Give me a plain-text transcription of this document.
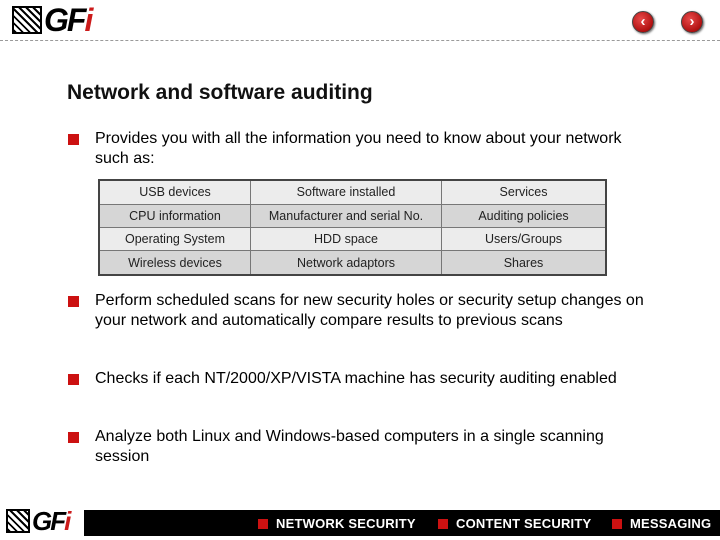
GFi	‹	›
Network and software auditing
Provides you with all the information you need to know about your network such as:
USB devices	Software installed	Services
CPU information	Manufacturer and serial No.	Auditing policies
Operating System	HDD space	Users/Groups
Wireless devices	Network adaptors	Shares
Perform scheduled scans for new security holes or security setup changes on your network and automatically compare results to previous scans
Checks if each NT/2000/XP/VISTA machine has security auditing enabled
Analyze both Linux and Windows-based computers in a single scanning session
GFi	NETWORK SECURITY	CONTENT SECURITY	MESSAGING
